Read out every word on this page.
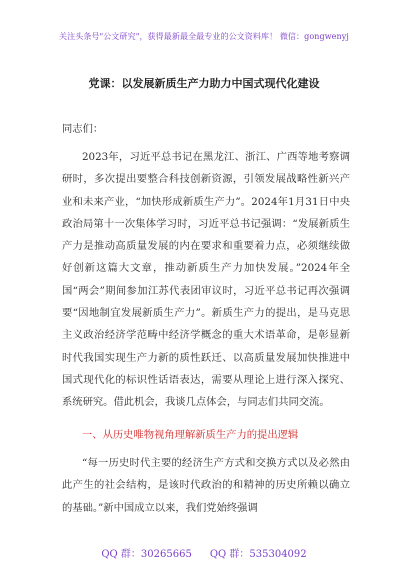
关注头条号"公文研究"，获得最新最全最专业的公文资料库！ 微信：gongwenyj
党课：以发展新质生产力助力中国式现代化建设
同志们：
2023年，习近平总书记在黑龙江、浙江、广西等地考察调研时，多次提出要整合科技创新资源，引领发展战略性新兴产业和未来产业，“加快形成新质生产力”。2024年1月31日中央政治局第十一次集体学习时，习近平总书记强调：“发展新质生产力是推动高质量发展的内在要求和重要着力点，必须继续做好创新这篇大文章，推动新质生产力加快发展。”2024年全国“两会”期间参加江苏代表团审议时，习近平总书记再次强调要“因地制宜发展新质生产力”。新质生产力的提出，是马克思主义政治经济学范畴中经济学概念的重大术语革命，是彰显新时代我国实现生产力新的质性跃迁、以高质量发展加快推进中国式现代化的标识性话语表达，需要从理论上进行深入探究、系统研究。借此机会，我谈几点体会，与同志们共同交流。
一、从历史唯物视角理解新质生产力的提出逻辑
“每一历史时代主要的经济生产方式和交换方式以及必然由此产生的社会结构，是该时代政治的和精神的历史所赖以确立的基础。”新中国成立以来，我们党始终强调
QQ 群：30265665 QQ 群：535304092
